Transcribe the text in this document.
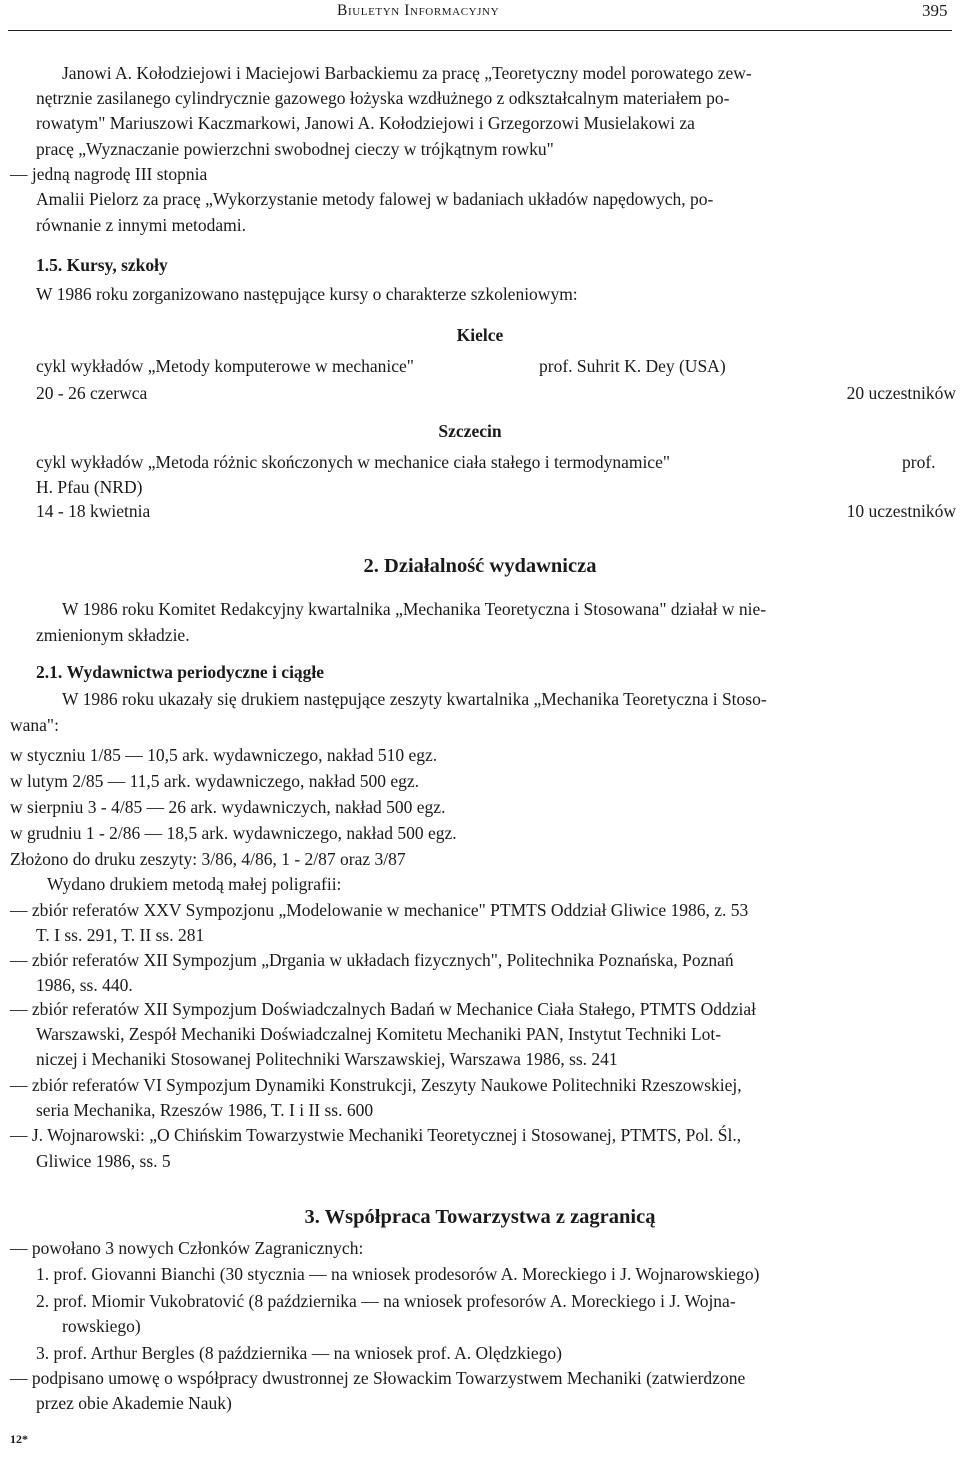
Biuletyn Informacyjny	395
Janowi A. Kołodziejowi i Maciejowi Barbackiemu za pracę „Teoretyczny model porowatego zew-
nętrznie zasilanego cylindrycznie gazowego łożyska wzdłużnego z odkształcalnym materiałem po-
rowatym" Mariuszowi Kaczmarkowi, Janowi A. Kołodziejowi i Grzegorzowi Musielakowi za
pracę „Wyznaczanie powierzchni swobodnej cieczy w trójkątnym rowku"
— jedną nagrodę III stopnia
Amalii Pielorz za pracę „Wykorzystanie metody falowej w badaniach układów napędowych, po-
równanie z innymi metodami.
1.5. Kursy, szkoły
W 1986 roku zorganizowano następujące kursy o charakterze szkoleniowym:
Kielce
cykl wykładów „Metody komputerowe w mechanice"	prof. Suhrit K. Dey (USA)
20 - 26 czerwca	20 uczestników
Szczecin
cykl wykładów „Metoda różnic skończonych w mechanice ciała stałego i termodynamice"	prof.
H. Pfau (NRD)
14 - 18 kwietnia	10 uczestników
2. Działalność wydawnicza
W 1986 roku Komitet Redakcyjny kwartalnika „Mechanika Teoretyczna i Stosowana" działał w nie-
zmienionym składzie.
2.1. Wydawnictwa periodyczne i ciągłe
W 1986 roku ukazały się drukiem następujące zeszyty kwartalnika „Mechanika Teoretyczna i Stoso-
wana":
w styczniu 1/85 — 10,5 ark. wydawniczego, nakład 510 egz.
w lutym 2/85 — 11,5 ark. wydawniczego, nakład 500 egz.
w sierpniu 3 - 4/85 — 26 ark. wydawniczych, nakład 500 egz.
w grudniu 1 - 2/86 — 18,5 ark. wydawniczego, nakład 500 egz.
Złożono do druku zeszyty: 3/86, 4/86, 1 - 2/87 oraz 3/87
Wydano drukiem metodą małej poligrafii:
— zbiór referatów XXV Sympozjonu „Modelowanie w mechanice" PTMTS Oddział Gliwice 1986, z. 53
T. I ss. 291, T. II ss. 281
— zbiór referatów XII Sympozjum „Drgania w układach fizycznych", Politechnika Poznańska, Poznań
1986, ss. 440.
— zbiór referatów XII Sympozjum Doświadczalnych Badań w Mechanice Ciała Stałego, PTMTS Oddział
Warszawski, Zespół Mechaniki Doświadczalnej Komitetu Mechaniki PAN, Instytut Techniki Lot-
niczej i Mechaniki Stosowanej Politechniki Warszawskiej, Warszawa 1986, ss. 241
— zbiór referatów VI Sympozjum Dynamiki Konstrukcji, Zeszyty Naukowe Politechniki Rzeszowskiej,
seria Mechanika, Rzeszów 1986, T. I i II ss. 600
— J. Wojnarowski: „O Chińskim Towarzystwie Mechaniki Teoretycznej i Stosowanej, PTMTS, Pol. Śl.,
Gliwice 1986, ss. 5
3. Współpraca Towarzystwa z zagranicą
— powołano 3 nowych Członków Zagranicznych:
1. prof. Giovanni Bianchi (30 stycznia — na wniosek prodesorów A. Moreckiego i J. Wojnarowskiego)
2. prof. Miomir Vukobratović (8 października — na wniosek profesorów A. Moreckiego i J. Wojna-
rowskiego)
3. prof. Arthur Bergles (8 października — na wniosek prof. A. Olędzkiego)
— podpisano umowę o współpracy dwustronnej ze Słowackim Towarzystwem Mechaniki (zatwierdzone
przez obie Akademie Nauk)
12*
